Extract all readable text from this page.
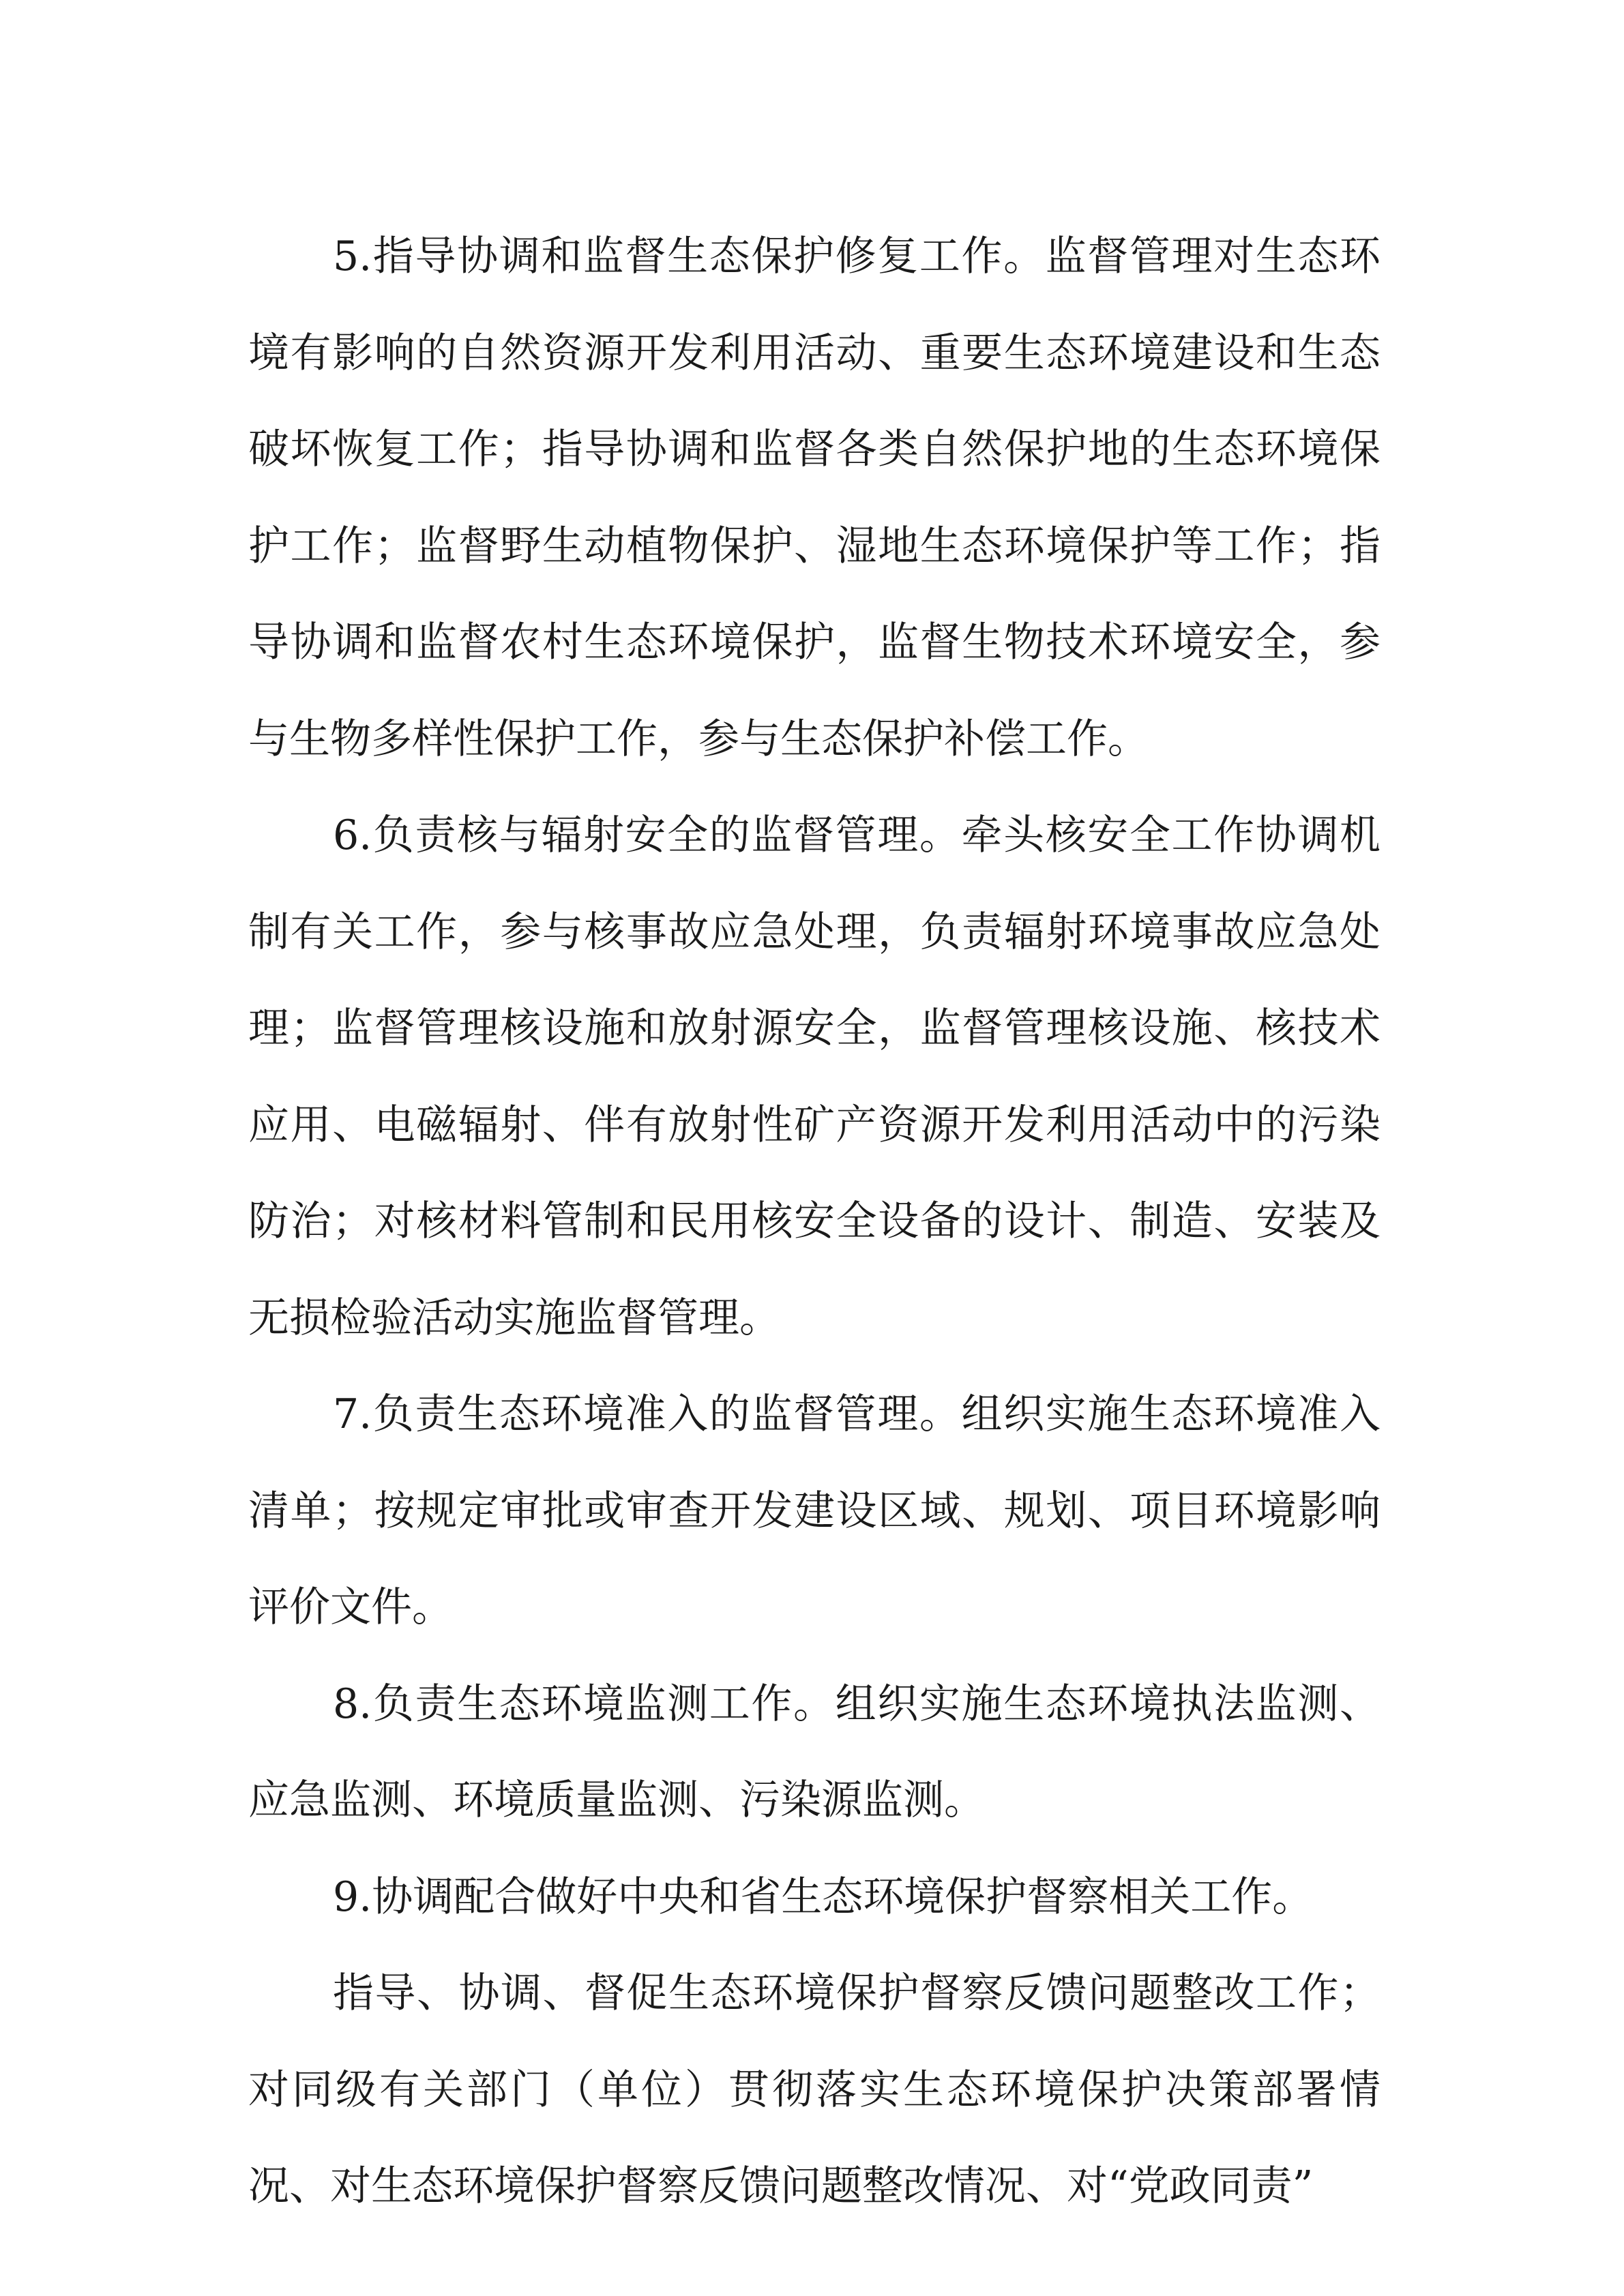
5.指导协调和监督生态保护修复工作。监督管理对生态环境有影响的自然资源开发利用活动、重要生态环境建设和生态破坏恢复工作；指导协调和监督各类自然保护地的生态环境保护工作；监督野生动植物保护、湿地生态环境保护等工作；指导协调和监督农村生态环境保护，监督生物技术环境安全，参与生物多样性保护工作，参与生态保护补偿工作。

6.负责核与辐射安全的监督管理。牵头核安全工作协调机制有关工作，参与核事故应急处理，负责辐射环境事故应急处理；监督管理核设施和放射源安全，监督管理核设施、核技术应用、电磁辐射、伴有放射性矿产资源开发利用活动中的污染防治；对核材料管制和民用核安全设备的设计、制造、安装及无损检验活动实施监督管理。

7.负责生态环境准入的监督管理。组织实施生态环境准入清单；按规定审批或审查开发建设区域、规划、项目环境影响评价文件。

8.负责生态环境监测工作。组织实施生态环境执法监测、应急监测、环境质量监测、污染源监测。

9.协调配合做好中央和省生态环境保护督察相关工作。

指导、协调、督促生态环境保护督察反馈问题整改工作；对同级有关部门（单位）贯彻落实生态环境保护决策部署情况、对生态环境保护督察反馈问题整改情况、对“党政同责”
